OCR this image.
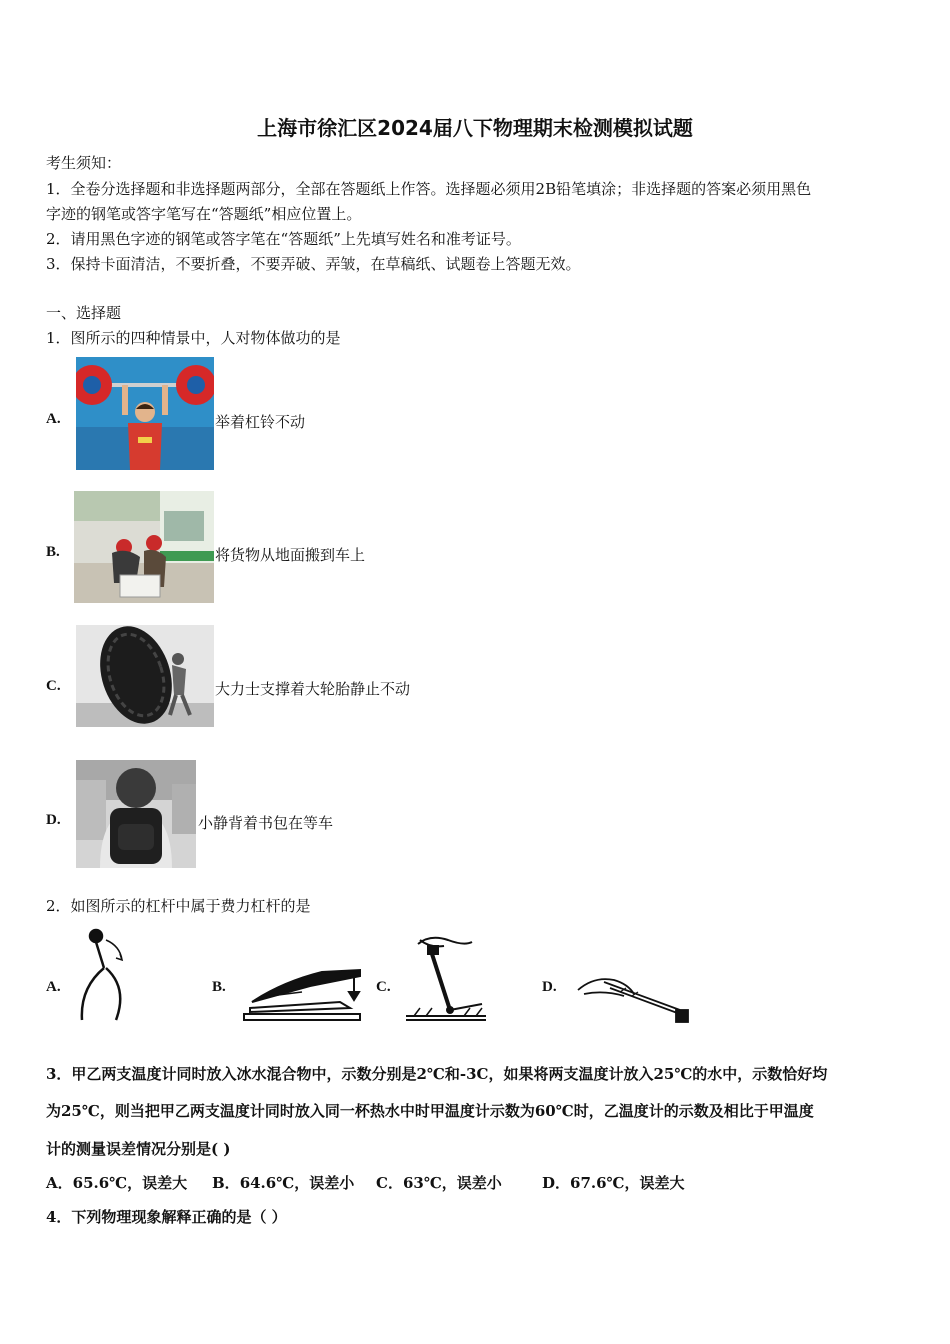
上海市徐汇区2024届八下物理期末检测模拟试题
考生须知：
1．全卷分选择题和非选择题两部分，全部在答题纸上作答。选择题必须用2B铅笔填涂；非选择题的答案必须用黑色
字迹的钢笔或答字笔写在“答题纸”相应位置上。
2．请用黑色字迹的钢笔或答字笔在“答题纸”上先填写姓名和准考证号。
3．保持卡面清洁，不要折叠，不要弄破、弄皱，在草稿纸、试题卷上答题无效。
一、选择题
1．图所示的四种情景中，人对物体做功的是
A.	举着杠铃不动
B.	将货物从地面搬到车上
C.	大力士支撑着大轮胎静止不动
D.	小静背着书包在等车
2．如图所示的杠杆中属于费力杠杆的是
A.	B.	C.	D.
3．甲乙两支温度计同时放入冰水混合物中，示数分别是2℃和-3C，如果将两支温度计放入25℃的水中，示数恰好均
为25℃，则当把甲乙两支温度计同时放入同一杯热水中时甲温度计示数为60℃时，乙温度计的示数及相比于甲温度
计的测量误差情况分别是( )
A．65.6℃，误差大 B．64.6℃，误差小 C．63℃，误差小	D．67.6℃，误差大
4．下列物理现象解释正确的是（ ）
